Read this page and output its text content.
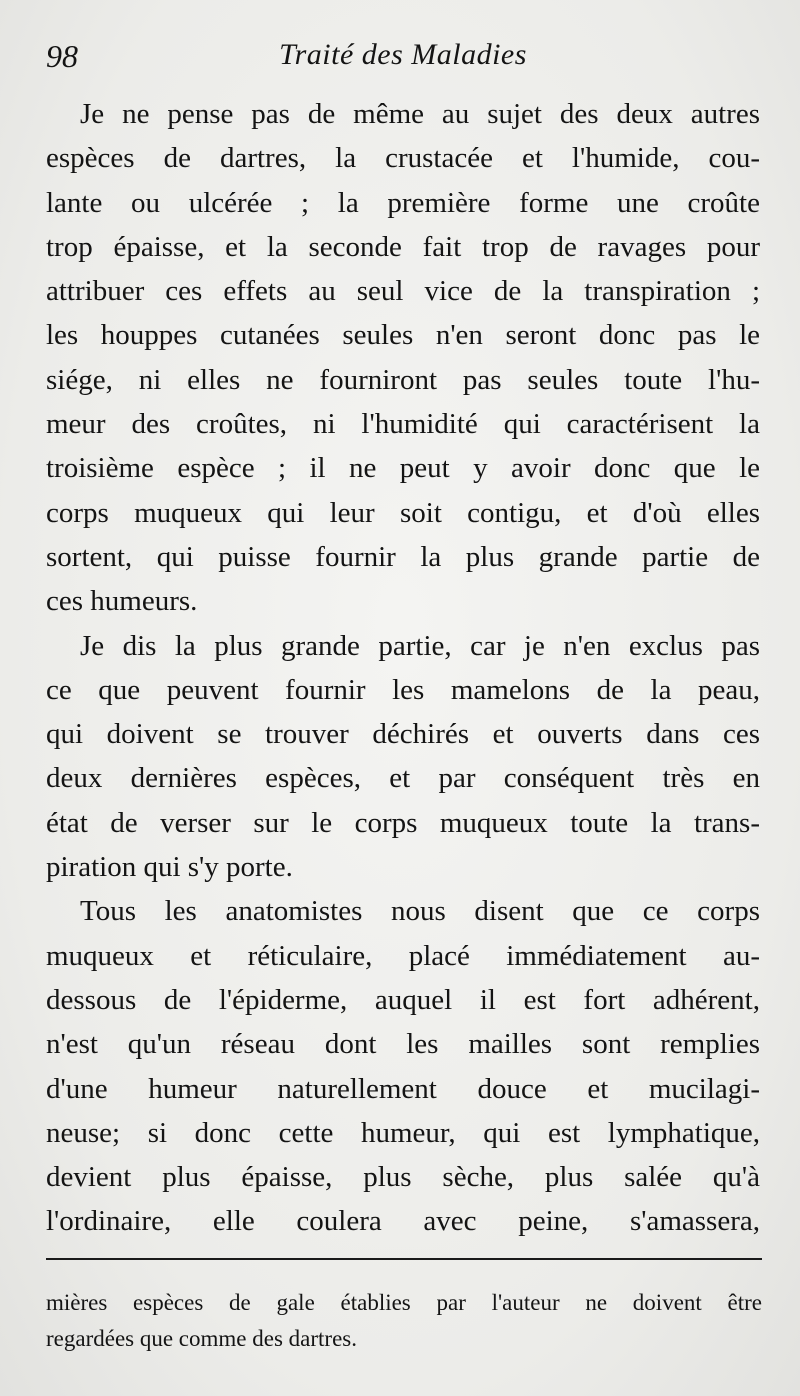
98	Traité des Maladies
Je ne pense pas de même au sujet des deux autres
espèces de dartres, la crustacée et l'humide, cou-
lante ou ulcérée ; la première forme une croûte
trop épaisse, et la seconde fait trop de ravages pour
attribuer ces effets au seul vice de la transpiration ;
les houppes cutanées seules n'en seront donc pas le
siége, ni elles ne fourniront pas seules toute l'hu-
meur des croûtes, ni l'humidité qui caractérisent la
troisième espèce ; il ne peut y avoir donc que le
corps muqueux qui leur soit contigu, et d'où elles
sortent, qui puisse fournir la plus grande partie de
ces humeurs.
Je dis la plus grande partie, car je n'en exclus pas
ce que peuvent fournir les mamelons de la peau,
qui doivent se trouver déchirés et ouverts dans ces
deux dernières espèces, et par conséquent très en
état de verser sur le corps muqueux toute la trans-
piration qui s'y porte.
Tous les anatomistes nous disent que ce corps
muqueux et réticulaire, placé immédiatement au-
dessous de l'épiderme, auquel il est fort adhérent,
n'est qu'un réseau dont les mailles sont remplies
d'une humeur naturellement douce et mucilagi-
neuse; si donc cette humeur, qui est lymphatique,
devient plus épaisse, plus sèche, plus salée qu'à
l'ordinaire, elle coulera avec peine, s'amassera,
mières espèces de gale établies par l'auteur ne doivent être
regardées que comme des dartres.
